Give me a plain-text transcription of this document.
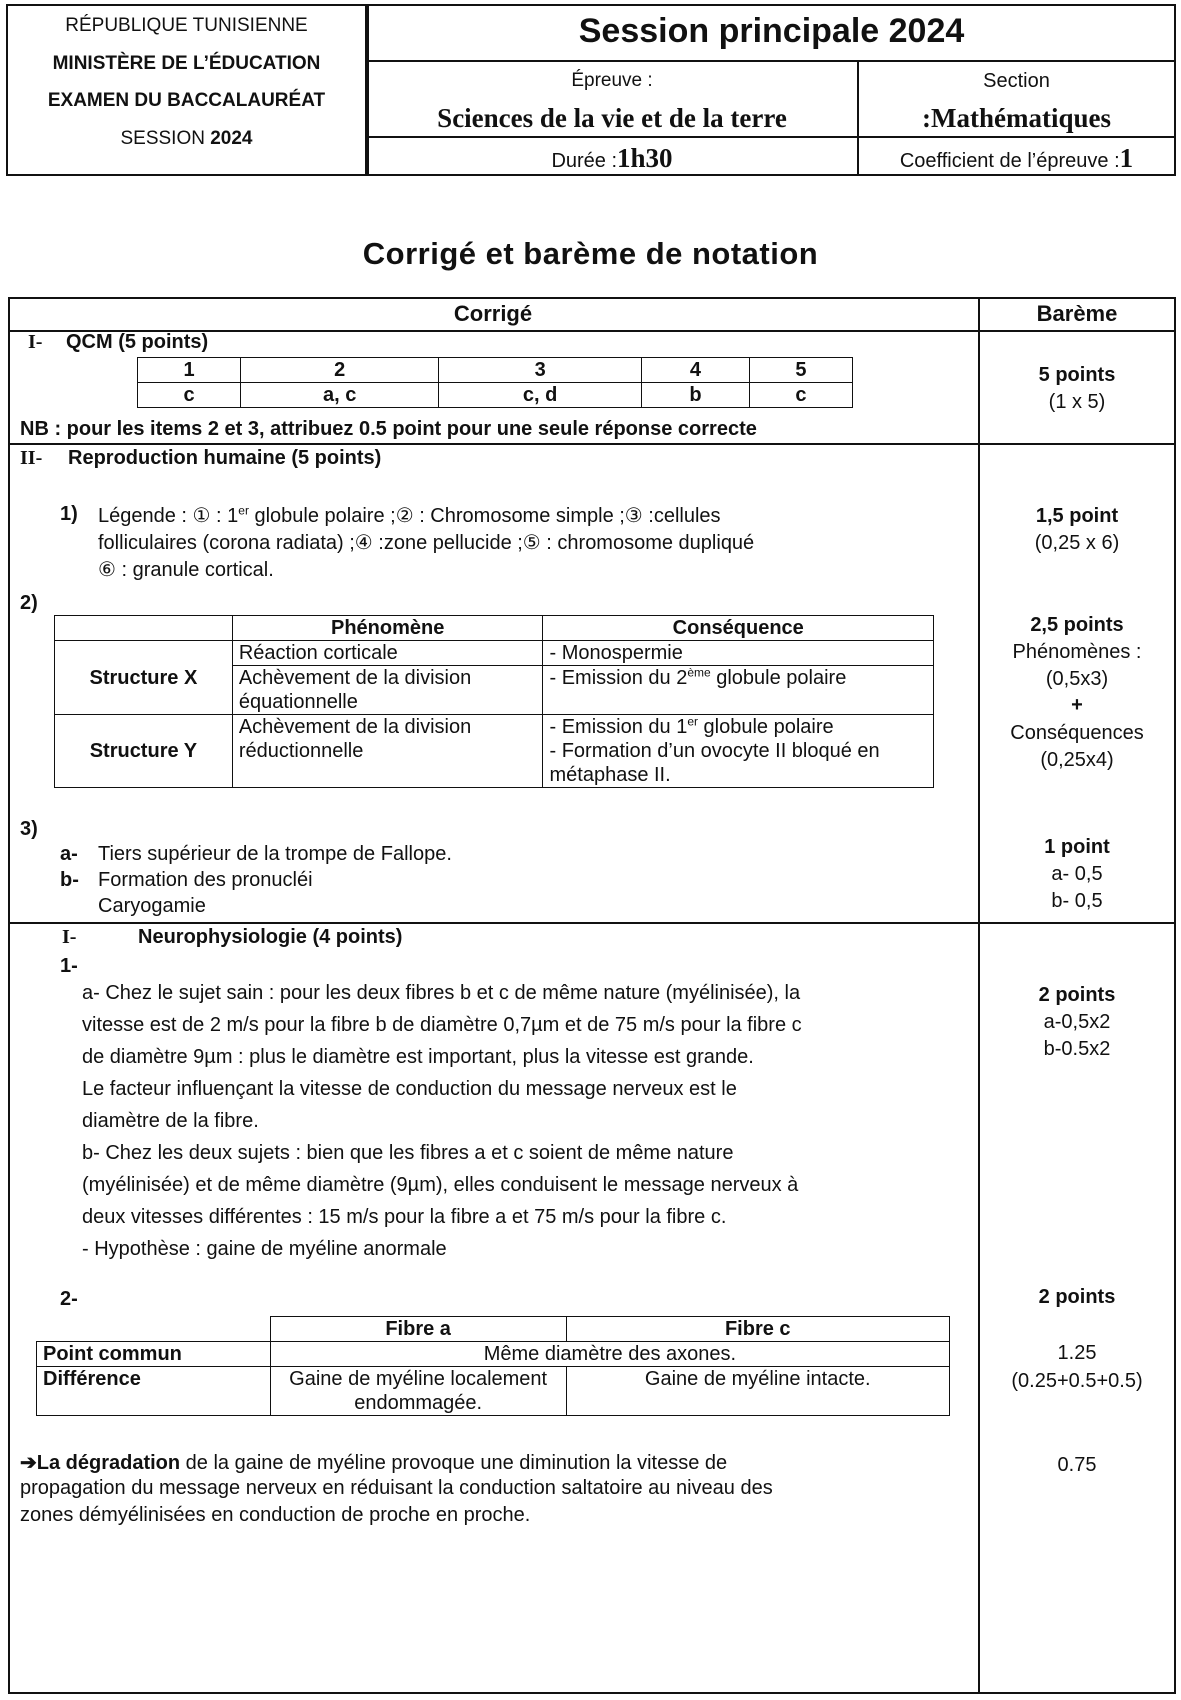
RÉPUBLIQUE TUNISIENNE
MINISTÈRE DE L’ÉDUCATION
EXAMEN DU BACCALAURÉAT
SESSION 2024
Session principale 2024
Épreuve :
Sciences de la vie et de la terre
Section
:Mathématiques
Durée :1h30	Coefficient de l’épreuve :1
Corrigé et barème de notation
Corrigé	Barème
I- QCM (5 points)
1	2	3	4	5
c	a, c	c, d	b	c
NB : pour les items 2 et 3, attribuez 0.5 point pour une seule réponse correcte
5 points
(1 x 5)
II- Reproduction humaine (5 points)
1) Légende : ① : 1er globule polaire ;② : Chromosome simple ;③ :cellules
folliculaires (corona radiata) ;④ :zone pellucide ;⑤ : chromosome dupliqué
⑥ : granule cortical.
1,5 point
(0,25 x 6)
2)
	Phénomène	Conséquence
Structure X	Réaction corticale	- Monospermie
	Achèvement de la division équationnelle	- Emission du 2ème globule polaire
Structure Y	Achèvement de la division réductionnelle	- Emission du 1er globule polaire
- Formation d’un ovocyte II bloqué en métaphase II.
2,5 points
Phénomènes :
(0,5x3)
+
Conséquences
(0,25x4)
3)
a- Tiers supérieur de la trompe de Fallope.
b- Formation des pronucléi
Caryogamie
1 point
a- 0,5
b- 0,5
I-	Neurophysiologie (4 points)
1-
a- Chez le sujet sain : pour les deux fibres b et c de même nature (myélinisée), la
vitesse est de 2 m/s pour la fibre b de diamètre 0,7µm et de 75 m/s pour la fibre c
de diamètre 9µm : plus le diamètre est important, plus la vitesse est grande.
Le facteur influençant la vitesse de conduction du message nerveux est le
diamètre de la fibre.
b- Chez les deux sujets : bien que les fibres a et c soient de même nature
(myélinisée) et de même diamètre (9µm), elles conduisent le message nerveux à
deux vitesses différentes : 15 m/s pour la fibre a et 75 m/s pour la fibre c.
- Hypothèse : gaine de myéline anormale
2 points
a-0,5x2
b-0.5x2
2-	2 points
	Fibre a	Fibre c
Point commun	Même diamètre des axones.	
Différence	Gaine de myéline localement endommagée.	Gaine de myéline intacte.
1.25
(0.25+0.5+0.5)
➔La dégradation de la gaine de myéline provoque une diminution la vitesse de
propagation du message nerveux en réduisant la conduction saltatoire au niveau des
zones démyélinisées en conduction de proche en proche.
0.75
